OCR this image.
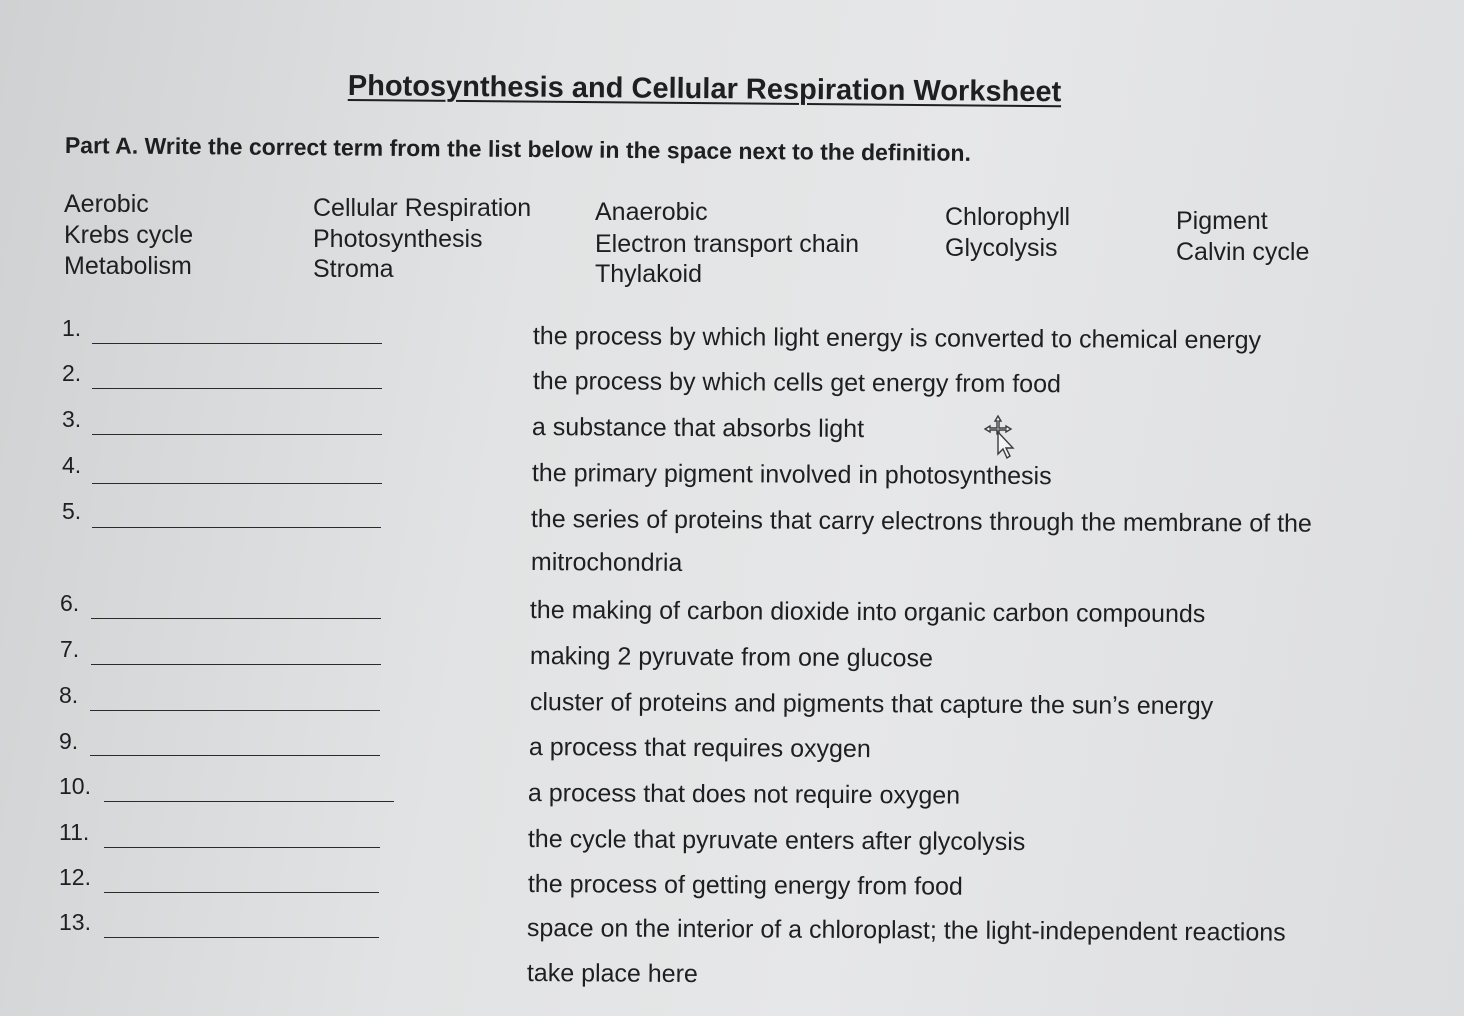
Photosynthesis and Cellular Respiration Worksheet
Part A. Write the correct term from the list below in the space next to the definition.
Aerobic
Krebs cycle
Metabolism
Cellular Respiration
Photosynthesis
Stroma
Anaerobic
Electron transport chain
Thylakoid
Chlorophyll
Glycolysis
Pigment
Calvin cycle
1.	the process by which light energy is converted to chemical energy
2.	the process by which cells get energy from food
3.	a substance that absorbs light
4.	the primary pigment involved in photosynthesis
5.	the series of proteins that carry electrons through the membrane of the
mitrochondria
6.	the making of carbon dioxide into organic carbon compounds
7.	making 2 pyruvate from one glucose
8.	cluster of proteins and pigments that capture the sun’s energy
9.	a process that requires oxygen
10.	a process that does not require oxygen
11.	the cycle that pyruvate enters after glycolysis
12.	the process of getting energy from food
13.	space on the interior of a chloroplast; the light-independent reactions
take place here
